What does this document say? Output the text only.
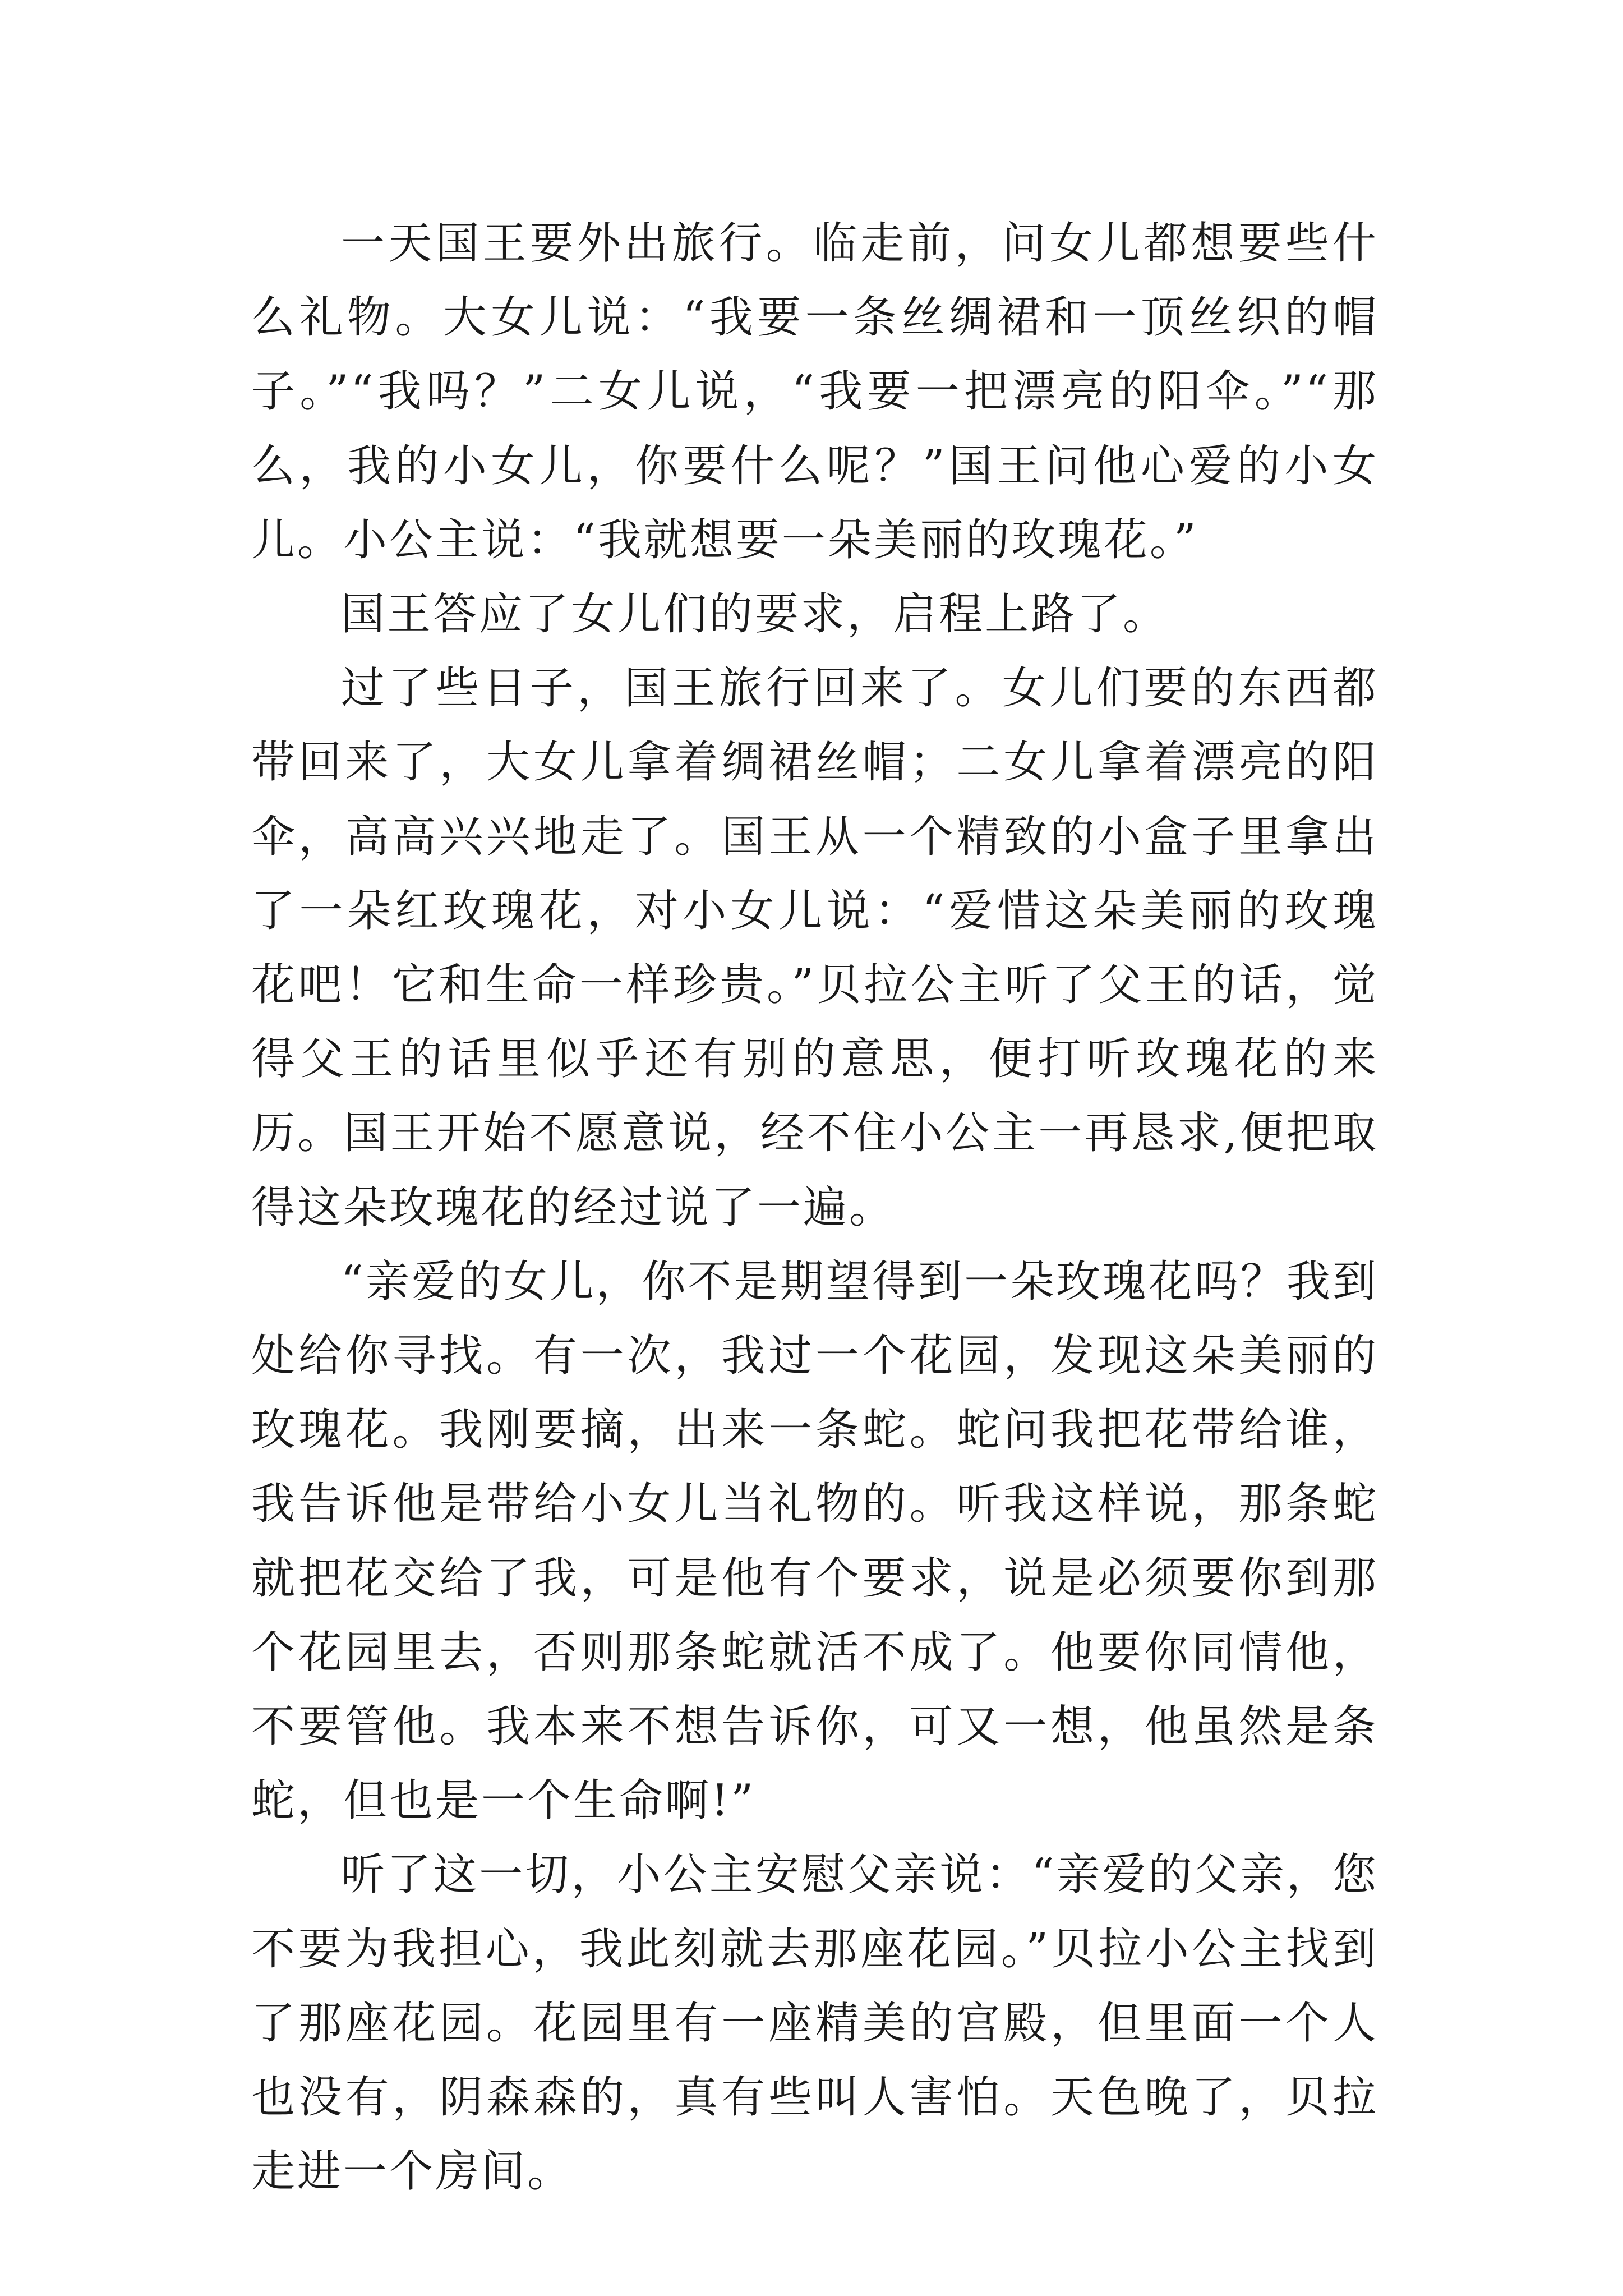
一天国王要外出旅行。临走前，问女儿都想要些什么礼物。大女儿说：“我要一条丝绸裙和一顶丝织的帽子。”“我吗？”二女儿说，“我要一把漂亮的阳伞。”“那么，我的小女儿，你要什么呢？”国王问他心爱的小女儿。小公主说：“我就想要一朵美丽的玫瑰花。”

国王答应了女儿们的要求，启程上路了。

过了些日子，国王旅行回来了。女儿们要的东西都带回来了，大女儿拿着绸裙丝帽；二女儿拿着漂亮的阳伞，高高兴兴地走了。国王从一个精致的小盒子里拿出了一朵红玫瑰花，对小女儿说：“爱惜这朵美丽的玫瑰花吧！它和生命一样珍贵。”贝拉公主听了父王的话，觉得父王的话里似乎还有别的意思，便打听玫瑰花的来历。国王开始不愿意说，经不住小公主一再恳求,便把取得这朵玫瑰花的经过说了一遍。

“亲爱的女儿，你不是期望得到一朵玫瑰花吗？我到处给你寻找。有一次，我过一个花园，发现这朵美丽的玫瑰花。我刚要摘，出来一条蛇。蛇问我把花带给谁，我告诉他是带给小女儿当礼物的。听我这样说，那条蛇就把花交给了我，可是他有个要求，说是必须要你到那个花园里去，否则那条蛇就活不成了。他要你同情他，不要管他。我本来不想告诉你，可又一想，他虽然是条蛇，但也是一个生命啊!”

听了这一切，小公主安慰父亲说：“亲爱的父亲，您不要为我担心，我此刻就去那座花园。”贝拉小公主找到了那座花园。花园里有一座精美的宫殿，但里面一个人也没有，阴森森的，真有些叫人害怕。天色晚了，贝拉走进一个房间。
